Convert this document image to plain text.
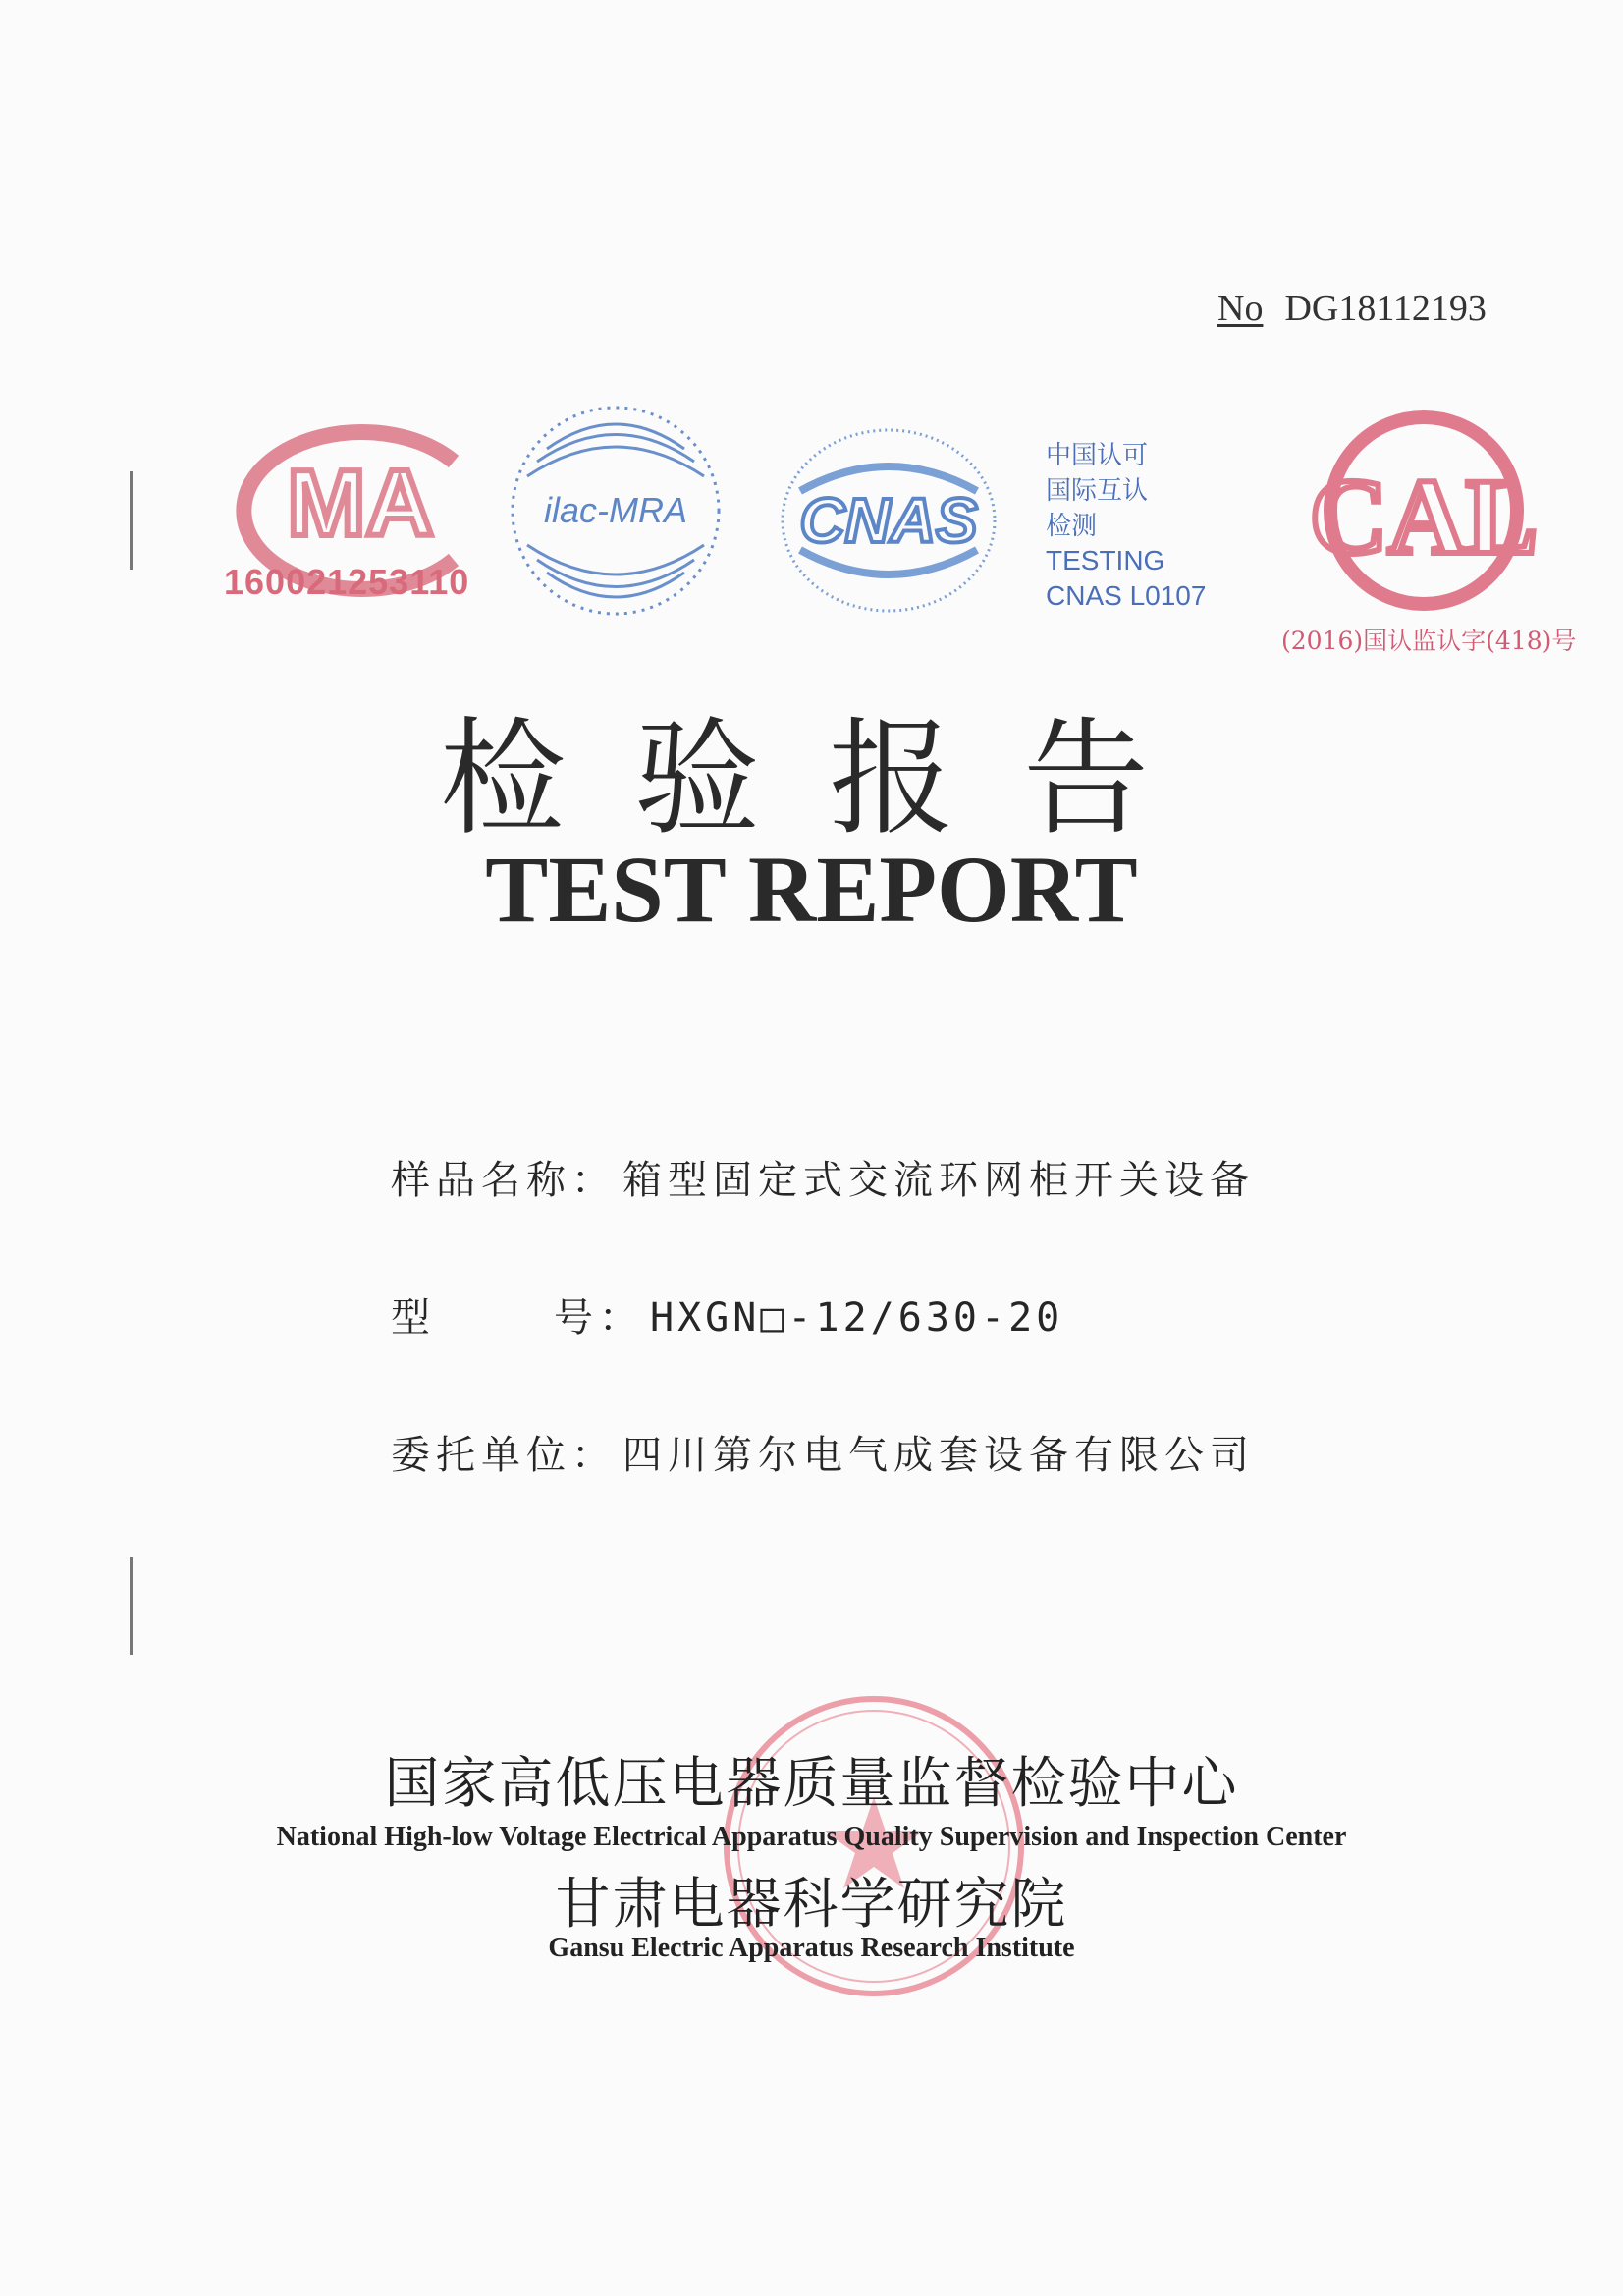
No DG18112193
MA
160021253110
ilac-MRA CNAS
中国认可
国际互认
检测
TESTING
CNAS L0107
CAL
(2016)国认监认字(418)号
检验报告
TEST REPORT
样品名称： 箱型固定式交流环网柜开关设备
型	号： HXGN□-12/630-20
委托单位： 四川第尔电气成套设备有限公司
国家高低压电器质量监督检验中心
National High-low Voltage Electrical Apparatus Quality Supervision and Inspection Center
甘肃电器科学研究院
Gansu Electric Apparatus Research Institute
